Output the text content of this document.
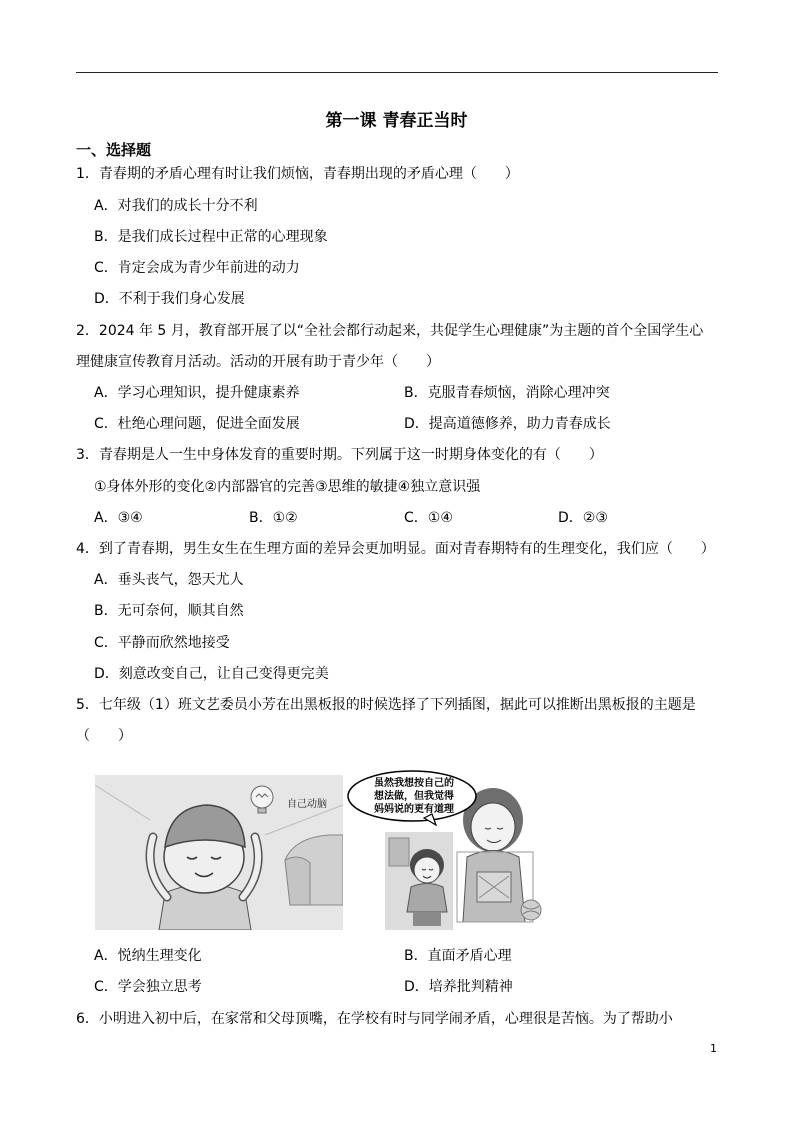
第一课 青春正当时
一、选择题
1．青春期的矛盾心理有时让我们烦恼，青春期出现的矛盾心理（　　）
A．对我们的成长十分不利
B．是我们成长过程中正常的心理现象
C．肯定会成为青少年前进的动力
D．不利于我们身心发展
2．2024 年 5 月，教育部开展了以“全社会都行动起来，共促学生心理健康”为主题的首个全国学生心
理健康宣传教育月活动。活动的开展有助于青少年（　　）
A．学习心理知识，提升健康素养	B．克服青春烦恼，消除心理冲突
C．杜绝心理问题，促进全面发展	D．提高道德修养，助力青春成长
3．青春期是人一生中身体发育的重要时期。下列属于这一时期身体变化的有（　　）
①身体外形的变化②内部器官的完善③思维的敏捷④独立意识强
A．③④	B．①②	C．①④	D．②③
4．到了青春期，男生女生在生理方面的差异会更加明显。面对青春期特有的生理变化，我们应（　　）
A．垂头丧气，怨天尤人
B．无可奈何，顺其自然
C．平静而欣然地接受
D．刻意改变自己，让自己变得更完美
5．七年级（1）班文艺委员小芳在出黑板报的时候选择了下列插图，据此可以推断出黑板报的主题是
（　　）
自己动脑
虽然我想按自己的
想法做，但我觉得
妈妈说的更有道理
A．悦纳生理变化	B．直面矛盾心理
C．学会独立思考	D．培养批判精神
6．小明进入初中后，在家常和父母顶嘴，在学校有时与同学闹矛盾，心理很是苦恼。为了帮助小
1
